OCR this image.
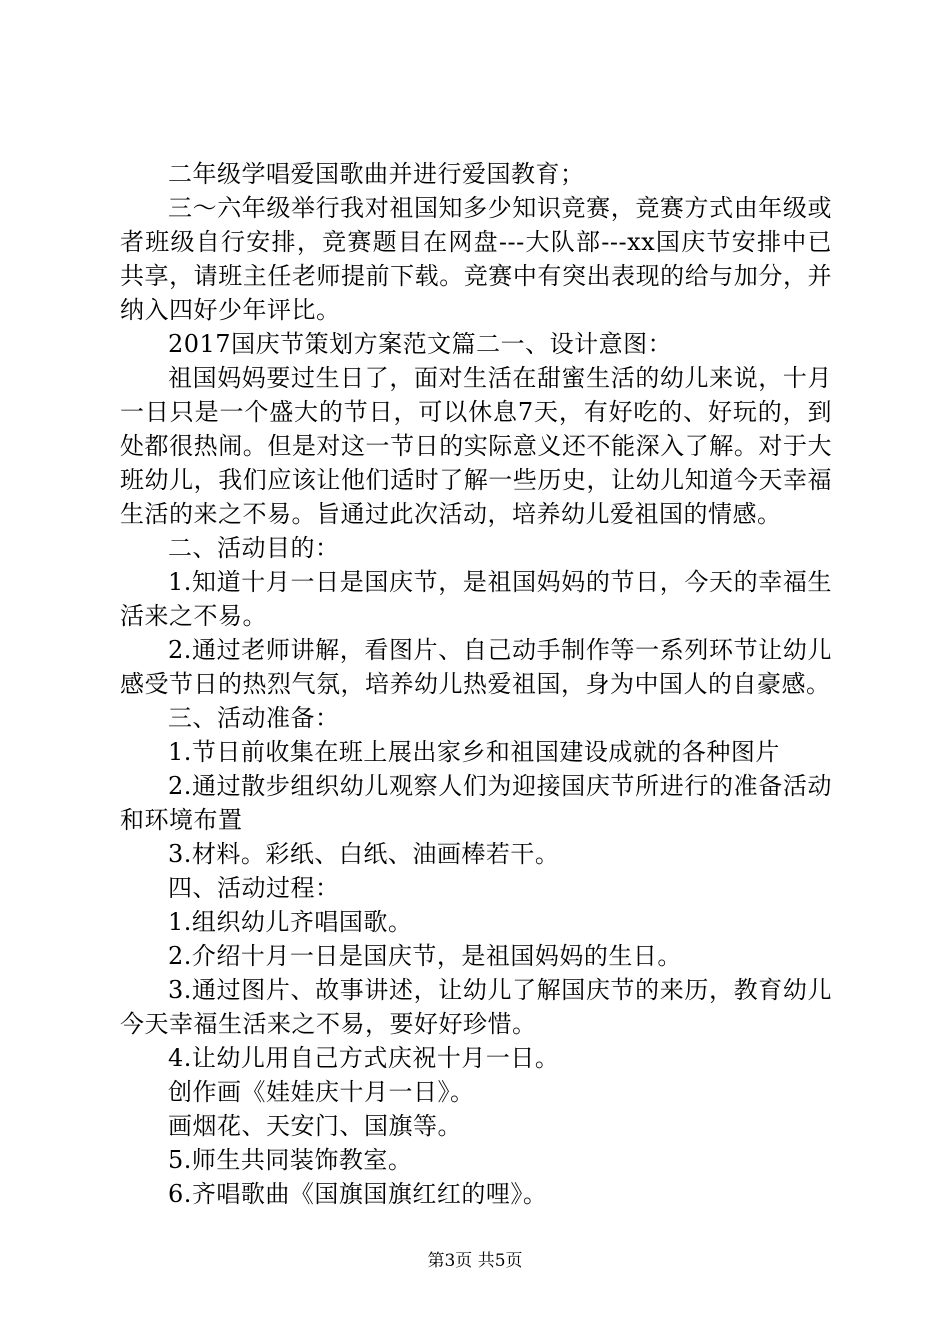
二年级学唱爱国歌曲并进行爱国教育；

三～六年级举行我对祖国知多少知识竞赛，竞赛方式由年级或者班级自行安排，竞赛题目在网盘---大队部---xx国庆节安排中已共享，请班主任老师提前下载。竞赛中有突出表现的给与加分，并纳入四好少年评比。

2017国庆节策划方案范文篇二一、设计意图：

祖国妈妈要过生日了，面对生活在甜蜜生活的幼儿来说，十月一日只是一个盛大的节日，可以休息7天，有好吃的、好玩的，到处都很热闹。但是对这一节日的实际意义还不能深入了解。对于大班幼儿，我们应该让他们适时了解一些历史，让幼儿知道今天幸福生活的来之不易。旨通过此次活动，培养幼儿爱祖国的情感。

二、活动目的：

1.知道十月一日是国庆节，是祖国妈妈的节日，今天的幸福生活来之不易。

2.通过老师讲解，看图片、自己动手制作等一系列环节让幼儿感受节日的热烈气氛，培养幼儿热爱祖国，身为中国人的自豪感。

三、活动准备：

1.节日前收集在班上展出家乡和祖国建设成就的各种图片

2.通过散步组织幼儿观察人们为迎接国庆节所进行的准备活动和环境布置

3.材料。彩纸、白纸、油画棒若干。

四、活动过程：

1.组织幼儿齐唱国歌。

2.介绍十月一日是国庆节，是祖国妈妈的生日。

3.通过图片、故事讲述，让幼儿了解国庆节的来历，教育幼儿今天幸福生活来之不易，要好好珍惜。

4.让幼儿用自己方式庆祝十月一日。

创作画《娃娃庆十月一日》。

画烟花、天安门、国旗等。

5.师生共同装饰教室。

6.齐唱歌曲《国旗国旗红红的哩》。

第3页 共5页
